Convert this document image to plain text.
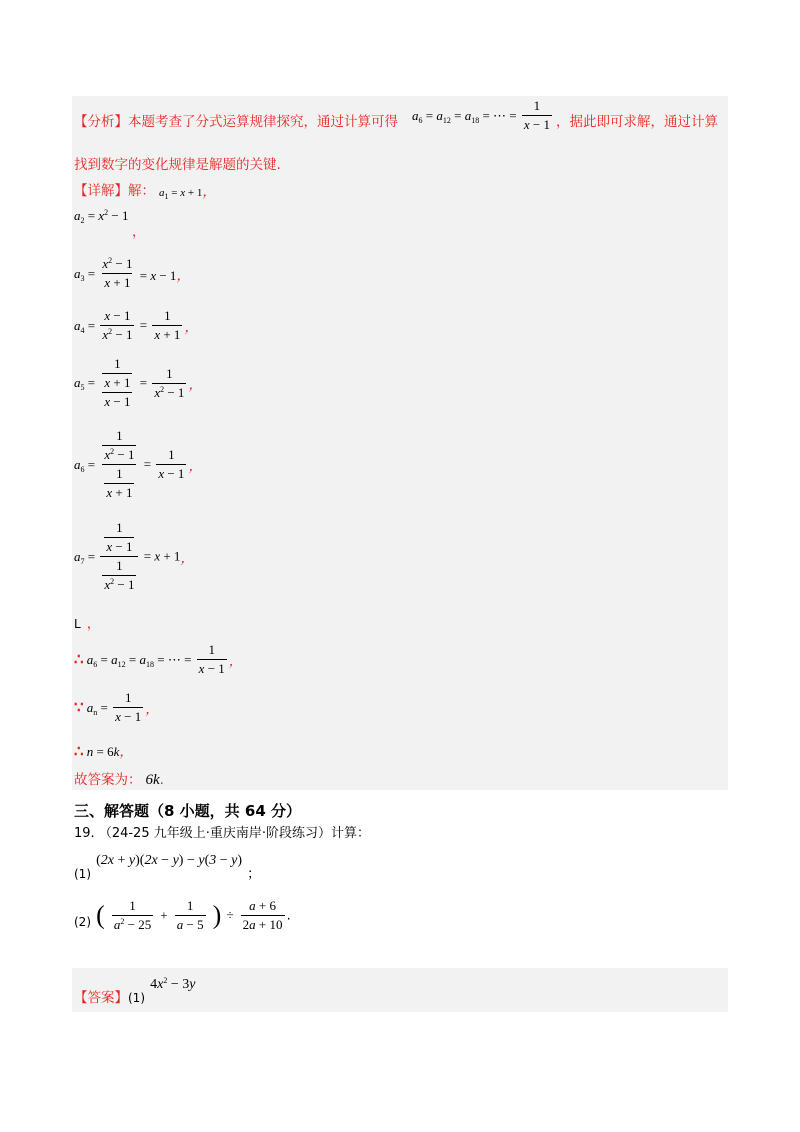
【分析】本题考查了分式运算规律探究，通过计算可得 $a_6 = a_{12} = a_{18}$ = ⋯ = $\frac{1}{x - 1}$ ，据此即可求解，通过计算
找到数字的变化规律是解题的关键.
【详解】解： $a_1 = x + 1$，
$a_2 = x^2 - 1$
，
$a_3 = \frac{x^2 - 1}{x + 1} = x - 1$，
$a_4 = \frac{x - 1}{x^2 - 1} = \frac{1}{x + 1}$ ，
$a_5 = \frac{\frac{1}{x + 1}}{x - 1} = \frac{1}{x^2 - 1}$ ，
$a_6 = \frac{\frac{1}{x^2 - 1}}{\frac{1}{x + 1}} = \frac{1}{x - 1}$ ，
$a_7 = \frac{\frac{1}{x - 1}}{\frac{1}{x^2 - 1}} = x + 1$，
L ，
∴ $a_6 = a_{12} = a_{18}$ = ⋯ = $\frac{1}{x - 1}$ ，
∵ $a_n = \frac{1}{x - 1}$ ，
∴ n = 6k，
故答案为： 6k.
三、解答题（8 小题，共 64 分）
19. （24-25 九年级上·重庆南岸·阶段练习）计算：
$_{(1)}$ (2x + y)(2x − y) − y(3 − y) $_;$
$^{(2)}$ ( $\frac{1}{a^2 - 25} + \frac{1}{a - 5}$ ) ÷ $\frac{a + 6}{2a + 10}$ .
$_{【答案】(1)}$ $4x^2 - 3y$
